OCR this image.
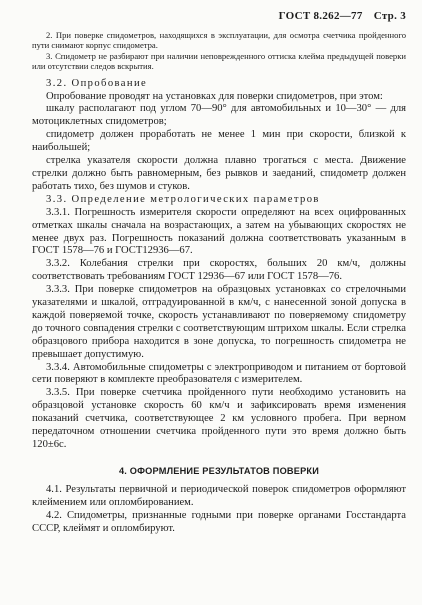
ГОСТ 8.262—77 Стр. 3

2. При поверке спидометров, находящихся в эксплуатации, для осмотра счетчика пройденного пути снимают корпус спидометра.

3. Спидометр не разбирают при наличии неповрежденного оттиска клейма предыдущей поверки или отсутствии следов вскрытия.

3.2. Опробование

Опробование проводят на установках для поверки спидометров, при этом:

шкалу располагают под углом 70—90° для автомобильных и 10—30° — для мотоциклетных спидометров;

спидометр должен проработать не менее 1 мин при скорости, близкой к наибольшей;

стрелка указателя скорости должна плавно трогаться с места. Движение стрелки должно быть равномерным, без рывков и заеданий, спидометр должен работать тихо, без шумов и стуков.

3.3. Определение метрологических параметров

3.3.1. Погрешность измерителя скорости определяют на всех оцифрованных отметках шкалы сначала на возрастающих, а затем на убывающих скоростях не менее двух раз. Погрешность показаний должна соответствовать указанным в ГОСТ 1578—76 и ГОСТ12936—67.

3.3.2. Колебания стрелки при скоростях, больших 20 км/ч, должны соответствовать требованиям ГОСТ 12936—67 или ГОСТ 1578—76.

3.3.3. При поверке спидометров на образцовых установках со стрелочными указателями и шкалой, отградуированной в км/ч, с нанесенной зоной допуска в каждой поверяемой точке, скорость устанавливают по поверяемому спидометру до точного совпадения стрелки с соответствующим штрихом шкалы. Если стрелка образцового прибора находится в зоне допуска, то погрешность спидометра не превышает допустимую.

3.3.4. Автомобильные спидометры с электроприводом и питанием от бортовой сети поверяют в комплекте преобразователя с измерителем.

3.3.5. При поверке счетчика пройденного пути необходимо установить на образцовой установке скорость 60 км/ч и зафиксировать время изменения показаний счетчика, соответствующее 2 км условного пробега. При верном передаточном отношении счетчика пройденного пути это время должно быть 120±6с.

4. ОФОРМЛЕНИЕ РЕЗУЛЬТАТОВ ПОВЕРКИ

4.1. Результаты первичной и периодической поверок спидометров оформляют клеймением или опломбированием.

4.2. Спидометры, признанные годными при поверке органами Госстандарта СССР, клеймят и опломбируют.
